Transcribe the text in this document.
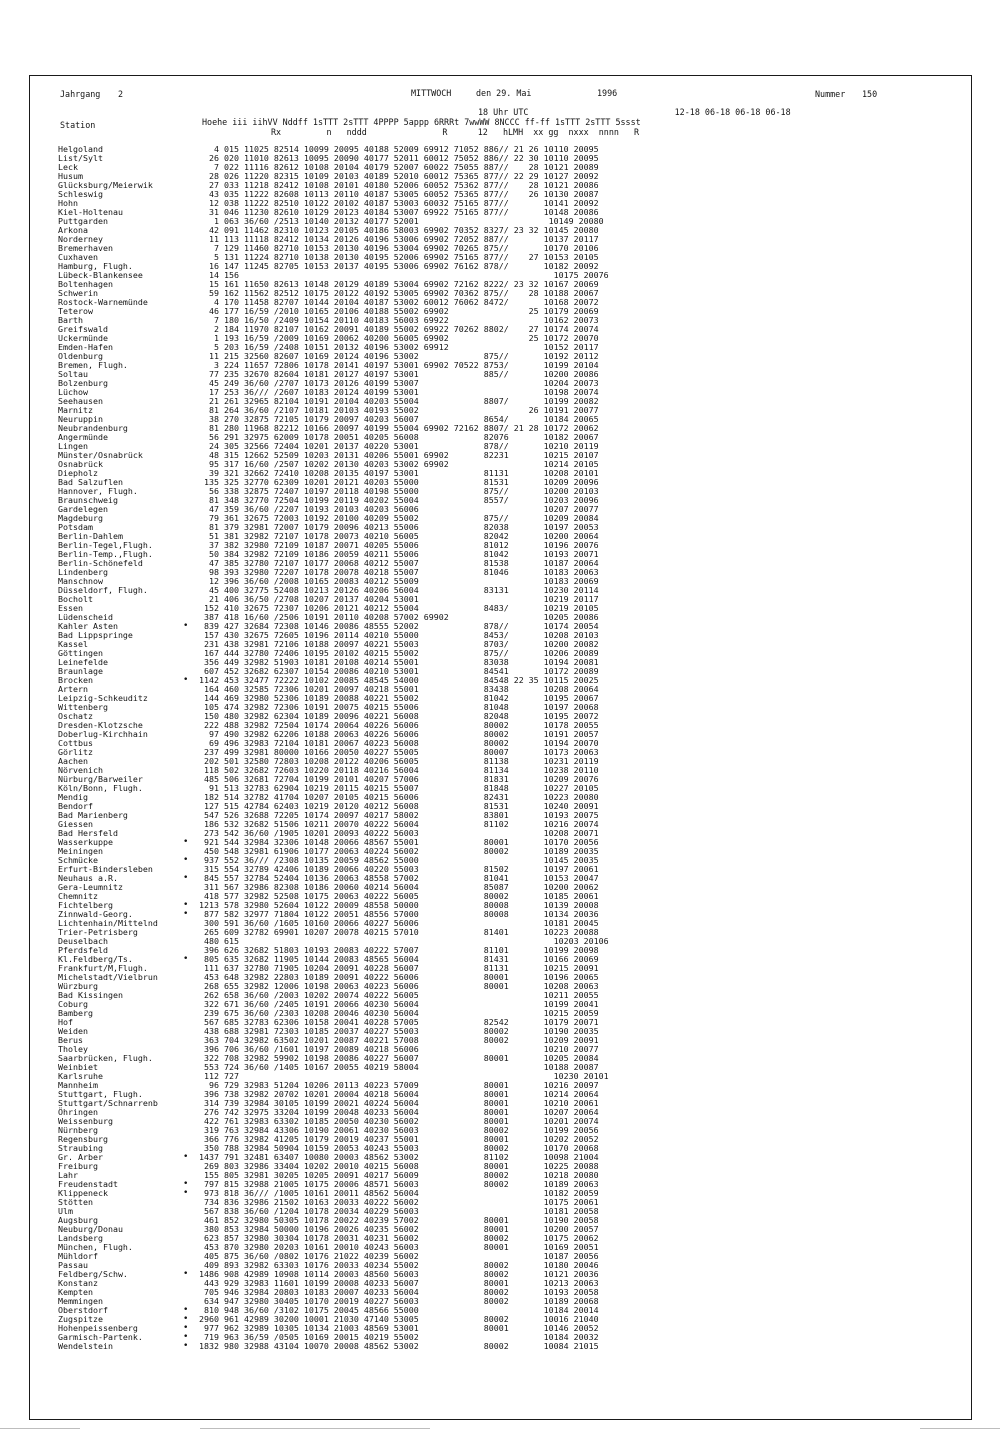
Jahrgang 2	MITTWOCH	den 29. Mai	1996	Nummer 150
18 Uhr UTC                             12-18 06-18 06-18 06-18
Station	Hoehe iii iihVV Nddff 1sTTT 2sTTT 4PPPP 5appp 6RRRt 7wwWW 8NCCC ff-ff 1sTTT 2sTTT 5ssst
Rx         n   nddd               R      12   hLMH  xx gg  nxxx  nnnn   R
Helgoland	4 015 11025 82514 10099 20095 40188 52009 69912 71052 886// 21 26 10110 20095
List/Sylt	26 020 11010 82613 10095 20090 40177 52011 60012 75052 886// 22 30 10110 20095
Leck	7 022 11116 82612 10108 20104 40179 52007 60022 75055 887//    28 10121 20089
Husum	28 026 11220 82315 10109 20103 40189 52010 60012 75365 877// 22 29 10127 20092
Glücksburg/Meierwik	27 033 11218 82412 10108 20101 40180 52006 60052 75362 877//    28 10121 20086
Schleswig	43 035 11222 82608 10113 20110 40187 53005 60052 75365 877//    26 10130 20087
Hohn	12 038 11222 82510 10122 20102 40187 53003 60032 75165 877//       10141 20092
Kiel-Holtenau	31 046 11230 82610 10129 20123 40184 53007 69922 75165 877//       10148 20086
Puttgarden	1 063 36/60 /2513 10140 20132 40177 52001                          10149 20080
Arkona	42 091 11462 82310 10123 20105 40186 58003 69902 70352 8327/ 23 32 10145 20080
Norderney	11 113 11118 82412 10134 20126 40196 53006 69902 72052 887//       10137 20117
Bremerhaven	7 129 11460 82710 10153 20130 40196 53004 69902 70265 875//       10170 20106
Cuxhaven	5 131 11224 82710 10138 20130 40195 52006 69902 75165 877//    27 10153 20105
Hamburg, Flugh.	16 147 11245 82705 10153 20137 40195 53006 69902 76162 878//       10182 20092
Lübeck-Blankensee	14 156                                                               10175 20076
Boltenhagen	15 161 11650 82613 10148 20129 40189 53004 69902 72162 8222/ 23 32 10167 20069
Schwerin	59 162 11562 82512 10175 20122 40192 53005 69902 70362 875//    28 10188 20067
Rostock-Warnemünde	4 170 11458 82707 10144 20104 40187 53002 60012 76062 8472/       10168 20072
Teterow	46 177 16/59 /2010 10165 20106 40188 55002 69902                25 10179 20069
Barth	7 180 16/50 /2409 10154 20110 40183 56003 69922                   10162 20073
Greifswald	2 184 11970 82107 10162 20091 40189 55002 69922 70262 8802/    27 10174 20074
Uckermünde	1 193 16/59 /2009 10169 20062 40200 56005 69902                25 10172 20070
Emden-Hafen	5 203 16/59 /2408 10151 20132 40196 53002 69912                   10152 20117
Oldenburg	11 215 32560 82607 10169 20124 40196 53002             875//       10192 20112
Bremen, Flugh.	3 224 11657 72806 10178 20141 40197 53001 69902 70522 8753/       10199 20104
Soltau	77 235 32670 82604 10181 20127 40197 53001             885//       10200 20086
Bolzenburg	45 249 36/60 /2707 10173 20126 40199 53007                         10204 20073
Lüchow	17 253 36/// /2607 10183 20124 40199 53001                         10198 20074
Seehausen	21 261 32965 82104 10191 20104 40203 55004             8807/       10199 20082
Marnitz	81 264 36/60 /2107 10181 20103 40193 55002                      26 10191 20077
Neuruppin	38 270 32875 72105 10179 20097 40203 56007             8654/       10184 20065
Neubrandenburg	81 280 11968 82212 10166 20097 40199 55004 69902 72162 8807/ 21 28 10172 20062
Angermünde	56 291 32975 62009 10178 20051 40205 56008             82076       10182 20067
Lingen	24 305 32566 72404 10201 20137 40220 53001             878//       10210 20119
Münster/Osnabrück	48 315 12662 52509 10203 20131 40206 55001 69902       82231       10215 20107
Osnabrück	95 317 16/60 /2507 10202 20130 40203 53002 69902                   10214 20105
Diepholz	39 321 32662 72410 10208 20135 40197 53001             81131       10208 20101
Bad Salzuflen	135 325 32770 62309 10201 20121 40203 55000             81531       10209 20096
Hannover, Flugh.	56 338 32875 72407 10197 20118 40198 55000             875//       10200 20103
Braunschweig	81 348 32770 72504 10199 20119 40202 55004             8557/       10203 20096
Gardelegen	47 359 36/60 /2207 10193 20103 40203 56006                         10207 20077
Magdeburg	79 361 32675 72003 10192 20100 40209 55002             875//       10209 20084
Potsdam	81 379 32981 72007 10179 20096 40213 55006             82038       10197 20053
Berlin-Dahlem	51 381 32982 72107 10178 20073 40210 56005             82042       10200 20064
Berlin-Tegel,Flugh.	37 382 32980 72109 10187 20071 40205 55006             81012       10196 20076
Berlin-Temp.,Flugh.	50 384 32982 72109 10186 20059 40211 55006             81042       10193 20071
Berlin-Schönefeld	47 385 32780 72107 10177 20068 40212 55007             81538       10187 20064
Lindenberg	98 393 32980 72207 10178 20078 40218 55007             81046       10183 20063
Manschnow	12 396 36/60 /2008 10165 20083 40212 55009                         10183 20069
Düsseldorf, Flugh.	45 400 32775 52408 10213 20126 40206 56004             83131       10230 20114
Bocholt	21 406 36/50 /2708 10207 20137 40204 53001                         10219 20117
Essen	152 410 32675 72307 10206 20121 40212 55004             8483/       10219 20105
Lüdenscheid	387 418 16/60 /2506 10191 20110 40208 57002 69902                   10205 20086
Kahler Asten	• 839 427 32684 72308 10146 20086 48555 52002             878//       10174 20054
Bad Lippspringe	157 430 32675 72605 10196 20114 40210 55000             8453/       10208 20103
Kassel	231 438 32981 72106 10188 20097 40221 55003             8703/       10200 20082
Göttingen	167 444 32780 72406 10195 20102 40215 55002             875//       10206 20089
Leinefelde	356 449 32982 51903 10181 20108 40214 55001             83038       10194 20081
Braunlage	607 452 32682 62307 10154 20086 40210 53001             84541       10172 20089
Brocken	• 1142 453 32477 72222 10102 20085 48545 54000             84548 22 35 10115 20025
Artern	164 460 32585 72306 10201 20097 40218 55001             83438       10208 20064
Leipzig-Schkeuditz	144 469 32980 52306 10189 20088 40221 55002             81042       10195 20067
Wittenberg	105 474 32982 72306 10191 20075 40215 55006             81048       10197 20068
Oschatz	150 480 32982 62304 10189 20096 40221 56008             82048       10195 20072
Dresden-Klotzsche	222 488 32982 72504 10174 20064 40226 56006             80002       10178 20055
Doberlug-Kirchhain	97 490 32982 62206 10188 20063 40226 56006             80002       10191 20057
Cottbus	69 496 32983 72104 10181 20067 40223 56008             80002       10194 20070
Görlitz	237 499 32981 80000 10166 20050 40227 55005             80007       10173 20063
Aachen	202 501 32580 72803 10208 20122 40206 56005             81138       10231 20119
Nörvenich	118 502 32682 72603 10220 20118 40216 56004             81134       10238 20110
Nürburg/Barweiler	485 506 32681 72704 10199 20101 40207 57006             81831       10209 20076
Köln/Bonn, Flugh.	91 513 32783 62904 10219 20115 40215 55007             81848       10227 20105
Mendig	182 514 32782 41704 10207 20105 40215 56006             82431       10223 20080
Bendorf	127 515 42784 62403 10219 20120 40212 56008             81531       10240 20091
Bad Marienberg	547 526 32688 72205 10174 20097 40217 58002             83801       10193 20075
Giessen	186 532 32682 51506 10211 20070 40222 56004             81102       10216 20074
Bad Hersfeld	273 542 36/60 /1905 10201 20093 40222 56003                         10208 20071
Wasserkuppe	• 921 544 32984 32306 10148 20066 48567 55001             80001       10170 20056
Meiningen	450 548 32981 61906 10177 20063 40224 56002             80002       10189 20035
Schmücke	• 937 552 36/// /2308 10135 20059 48562 55000                         10145 20035
Erfurt-Bindersleben	315 554 32789 42406 10189 20066 40220 55003             81502       10197 20061
Neuhaus a.R.	• 845 557 32784 52404 10136 20063 48558 57002             81041       10153 20047
Gera-Leumnitz	311 567 32986 82308 10186 20060 40214 56004             85087       10200 20062
Chemnitz	418 577 32982 52508 10175 20063 40222 56005             80002       10185 20061
Fichtelberg	• 1213 578 32980 52604 10122 20009 48558 50000             80008       10139 20008
Zinnwald-Georg.	• 877 582 32977 71804 10122 20051 48556 57000             80008       10134 20036
Lichtenhain/Mittelnd	300 591 36/60 /1605 10160 20066 40227 56006                         10181 20045
Trier-Petrisberg	265 609 32782 69901 10207 20078 40215 57010             81401       10223 20088
Deuselbach	480 615                                                               10203 20106
Pferdsfeld	396 626 32682 51803 10193 20083 40222 57007             81101       10199 20098
Kl.Feldberg/Ts.	• 805 635 32682 11905 10144 20083 48565 56004             81431       10166 20069
Frankfurt/M,Flugh.	111 637 32780 71905 10204 20091 40228 56007             81131       10215 20091
Michelstadt/Vielbrun	453 648 32982 22803 10189 20091 40222 56006             80001       10196 20065
Würzburg	268 655 32982 12006 10198 20063 40223 56006             80001       10208 20063
Bad Kissingen	262 658 36/60 /2003 10202 20074 40222 56005                         10211 20055
Coburg	322 671 36/60 /2405 10191 20066 40230 56004                         10199 20041
Bamberg	239 675 36/60 /2303 10208 20046 40230 56004                         10215 20059
Hof	567 685 32783 62306 10158 20041 40228 57005             82542       10179 20071
Weiden	438 688 32981 72303 10185 20037 40227 55003             80002       10190 20035
Berus	363 704 32982 63502 10201 20087 40221 57008             80002       10209 20091
Tholey	396 706 36/60 /1601 10197 20089 40218 56006                         10210 20077
Saarbrücken, Flugh.	322 708 32982 59902 10198 20086 40227 56007             80001       10205 20084
Weinbiet	553 724 36/60 /1405 10167 20055 40219 58004                         10188 20087
Karlsruhe	112 727                                                               10230 20101
Mannheim	96 729 32983 51204 10206 20113 40223 57009             80001       10216 20097
Stuttgart, Flugh.	396 738 32982 20702 10201 20004 40218 56004             80001       10214 20064
Stuttgart/Schnarrenb	314 739 32984 30105 10199 20021 40224 56004             80001       10210 20061
Öhringen	276 742 32975 33204 10199 20048 40233 56004             80001       10207 20064
Weissenburg	422 761 32983 63302 10185 20050 40230 56002             80001       10201 20074
Nürnberg	319 763 32984 43306 10190 20061 40230 56003             80002       10199 20056
Regensburg	366 776 32982 41205 10179 20019 40237 55001             80001       10202 20052
Straubing	350 788 32984 50904 10159 20053 40243 55003             80002       10170 20068
Gr. Arber	• 1437 791 32481 63407 10080 20003 48562 53002             81102       10098 21004
Freiburg	269 803 32986 33404 10202 20010 40215 56008             80001       10225 20088
Lahr	155 805 32981 30205 10205 20091 40217 56009             80002       10218 20080
Freudenstadt	• 797 815 32988 21005 10175 20006 48571 56003             80002       10189 20063
Klippeneck	• 973 818 36/// /1005 10161 20011 48562 56004                         10182 20059
Stötten	734 836 32986 21502 10163 20033 40222 56002                         10175 20061
Ulm	567 838 36/60 /1204 10178 20034 40229 56003                         10181 20058
Augsburg	461 852 32980 50305 10178 20022 40239 57002             80001       10190 20058
Neuburg/Donau	380 853 32984 50000 10196 20026 40235 56002             80001       10200 20057
Landsberg	623 857 32980 30304 10178 20031 40231 56002             80002       10175 20062
München, Flugh.	453 870 32980 20203 10161 20010 40243 56003             80001       10169 20051
Mühldorf	405 875 36/60 /0802 10176 21022 40239 56002                         10187 20056
Passau	409 893 32982 63303 10176 20033 40234 55002             80002       10180 20046
Feldberg/Schw.	• 1486 908 42989 10908 10114 20003 48560 56003             80002       10121 20036
Konstanz	443 929 32983 11601 10199 20008 40233 56007             80001       10213 20063
Kempten	705 946 32984 20803 10183 20007 40233 56004             80002       10193 20058
Memmingen	634 947 32980 30405 10170 20019 40227 56003             80002       10189 20068
Oberstdorf	• 810 948 36/60 /3102 10175 20045 48566 55000                         10184 20014
Zugspitze	• 2960 961 42989 30200 10001 21030 47140 53005             80002       10016 21040
Hohenpeissenberg	• 977 962 32989 10305 10134 21003 48569 53001             80001       10146 20052
Garmisch-Partenk.	• 719 963 36/59 /0505 10169 20015 40219 55002                         10184 20032
Wendelstein	• 1832 980 32988 43104 10070 20008 48562 53002             80002       10084 21015
